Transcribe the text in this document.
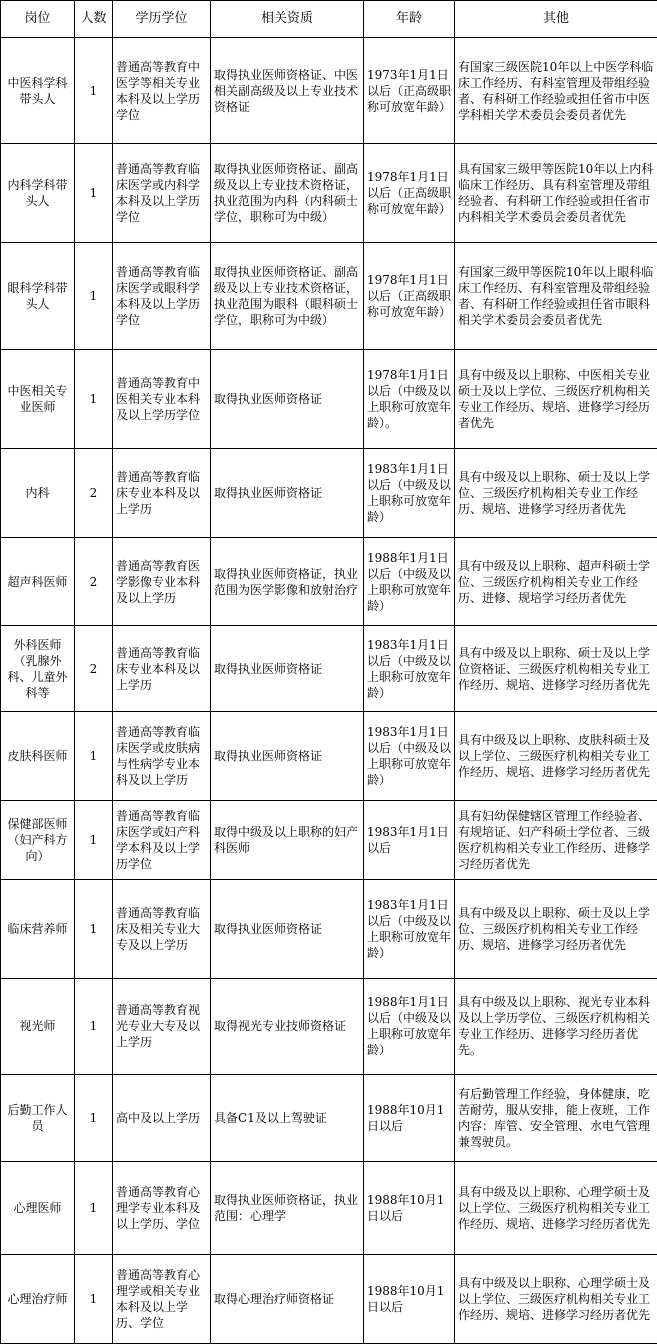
岗位	人数	学历学位	相关资质	年龄	其他
中医科学科带头人	1	普通高等教育中医学等相关专业本科及以上学历学位	取得执业医师资格证、中医相关副高级及以上专业技术资格证	1973年1月1日以后（正高级职称可放宽年龄）	有国家三级医院10年以上中医学科临床工作经历、有科室管理及带组经验者、有科研工作经验或担任省市中医学科相关学术委员会委员者优先
内科学科带头人	1	普通高等教育临床医学或内科学本科及以上学历学位	取得执业医师资格证、副高级及以上专业技术资格证，执业范围为内科（内科硕士学位，职称可为中级）	1978年1月1日以后（正高级职称可放宽年龄）	具有国家三级甲等医院10年以上内科临床工作经历、具有科室管理及带组经验者、有科研工作经验或担任省市内科相关学术委员会委员者优先
眼科学科带头人	1	普通高等教育临床医学或眼科学本科及以上学历学位	取得执业医师资格证、副高级及以上专业技术资格证，执业范围为眼科（眼科硕士学位，职称可为中级）	1978年1月1日以后（正高级职称可放宽年龄）	有国家三级甲等医院10年以上眼科临床工作经历、有科室管理及带组经验者、有科研工作经验或担任省市眼科相关学术委员会委员者优先
中医相关专业医师	1	普通高等教育中医相关专业本科及以上学历学位	取得执业医师资格证	1978年1月1日以后（中级及以上职称可放宽年龄）。	具有中级及以上职称、中医相关专业硕士及以上学位、三级医疗机构相关专业工作经历、规培、进修学习经历者优先
内科	2	普通高等教育临床专业本科及以上学历	取得执业医师资格证	1983年1月1日以后（中级及以上职称可放宽年龄）	具有中级及以上职称、硕士及以上学位、三级医疗机构相关专业工作经历、规培、进修学习经历者优先
超声科医师	2	普通高等教育医学影像专业本科及以上学历	取得执业医师资格证，执业范围为医学影像和放射治疗	1988年1月1日以后（中级及以上职称可放宽年龄）	具有中级及以上职称、超声科硕士学位、三级医疗机构相关专业工作经历、进修、规培学习经历者优先
外科医师（乳腺外科、儿童外科等	2	普通高等教育临床专业本科及以上学历	取得执业医师资格证	1983年1月1日以后（中级及以上职称可放宽年龄）	具有中级及以上职称、硕士及以上学位资格证、三级医疗机构相关专业工作经历、规培、进修学习经历者优先
皮肤科医师	1	普通高等教育临床医学或皮肤病与性病学专业本科及以上学历	取得执业医师资格证	1983年1月1日以后（中级及以上职称可放宽年龄）	具有中级及以上职称、皮肤科硕士及以上学位、三级医疗机构相关专业工作经历、规培、进修学习经历者优先
保健部医师（妇产科方向）	1	普通高等教育临床医学或妇产科学本科及以上学历学位	取得中级及以上职称的妇产科医师	1983年1月1日以后	具有妇幼保健辖区管理工作经验者、有规培证、妇产科硕士学位者、三级医疗机构相关专业工作经历、进修学习经历者优先
临床营养师	1	普通高等教育临床及相关专业大专及以上学历	取得执业医师资格证	1983年1月1日以后（中级及以上职称可放宽年龄）	具有中级及以上职称、硕士及以上学位、三级医疗机构相关专业工作经历、规培、进修学习经历者优先
视光师	1	普通高等教育视光专业大专及以上学历	取得视光专业技师资格证	1988年1月1日以后（中级及以上职称可放宽年龄）	具有中级及以上职称、视光专业本科及以上学历学位、三级医疗机构相关专业工作经历、进修学习经历者优先。
后勤工作人员	1	高中及以上学历	具备C1及以上驾驶证	1988年10月1日以后	有后勤管理工作经验，身体健康，吃苦耐劳，服从安排，能上夜班，工作内容：库管、安全管理、水电气管理兼驾驶员。
心理医师	1	普通高等教育心理学专业本科及以上学历、学位	取得执业医师资格证，执业范围：心理学	1988年10月1日以后	具有中级及以上职称、心理学硕士及以上学位、三级医疗机构相关专业工作经历、规培、进修学习经历者优先
心理治疗师	1	普通高等教育心理学或相关专业本科及以上学历、学位	取得心理治疗师资格证	1988年10月1日以后	具有中级及以上职称、心理学硕士及以上学位、三级医疗机构相关专业工作经历、规培、进修学习经历者优先
